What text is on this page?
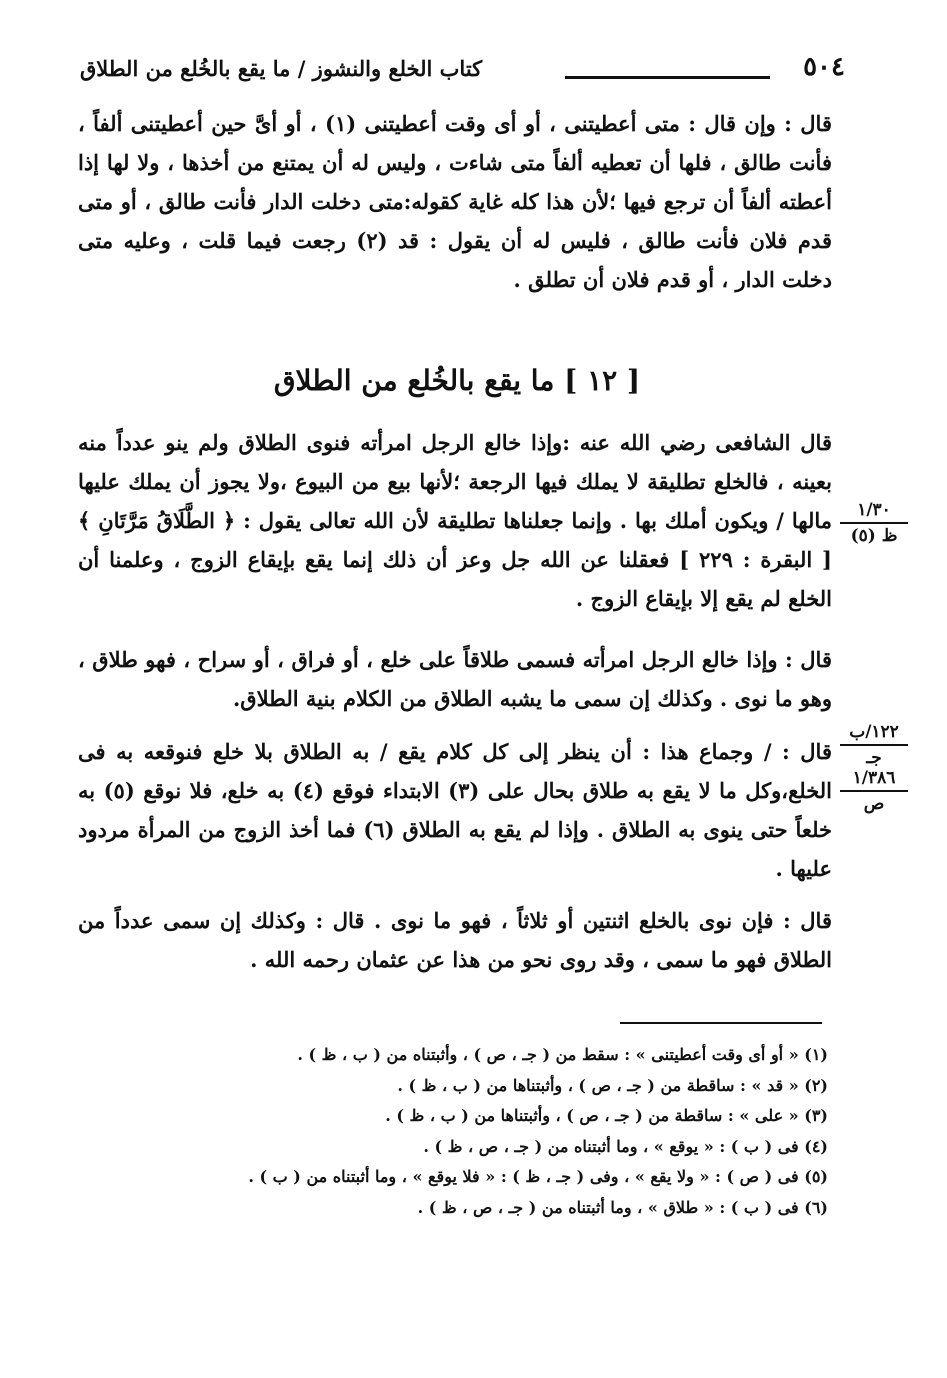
٥٠٤
كتاب الخلع والنشوز / ما يقع بالخُلع من الطلاق

قال : وإن قال : متى أعطيتنى ، أو أى وقت أعطيتنى (١) ، أو أىَّ حين أعطيتنى ألفاً ، فأنت طالق ، فلها أن تعطيه ألفاً متى شاءت ، وليس له أن يمتنع من أخذها ، ولا لها إذا أعطته ألفاً أن ترجع فيها ؛لأن هذا كله غاية كقوله:متى دخلت الدار فأنت طالق ، أو متى قدم فلان فأنت طالق ، فليس له أن يقول : قد (٢) رجعت فيما قلت ، وعليه متى دخلت الدار ، أو قدم فلان أن تطلق .

[ ١٢ ] ما يقع بالخُلع من الطلاق

قال الشافعى رضي الله عنه :وإذا خالع الرجل امرأته فنوى الطلاق ولم ينو عدداً منه بعينه ، فالخلع تطليقة لا يملك فيها الرجعة ؛لأنها بيع من البيوع ،ولا يجوز أن يملك عليها مالها / ويكون أملك بها . وإنما جعلناها تطليقة لأن الله تعالى يقول : ﴿ الطَّلَاقُ مَرَّتَانِ ﴾ [ البقرة : ٢٢٩ ] فعقلنا عن الله جل وعز أن ذلك إنما يقع بإيقاع الزوج ، وعلمنا أن الخلع لم يقع إلا بإيقاع الزوج .

قال : وإذا خالع الرجل امرأته فسمى طلاقاً على خلع ، أو فراق ، أو سراح ، فهو طلاق ، وهو ما نوى . وكذلك إن سمى ما يشبه الطلاق من الكلام بنية الطلاق.

قال : / وجماع هذا : أن ينظر إلى كل كلام يقع / به الطلاق بلا خلع فنوقعه به فى الخلع،وكل ما لا يقع به طلاق بحال على (٣) الابتداء فوقع (٤) به خلع، فلا نوقع (٥) به خلعاً حتى ينوى به الطلاق . وإذا لم يقع به الطلاق (٦) فما أخذ الزوج من المرأة مردود عليها .

قال : فإن نوى بالخلع اثنتين أو ثلاثاً ، فهو ما نوى . قال : وكذلك إن سمى عدداً من الطلاق فهو ما سمى ، وقد روى نحو من هذا عن عثمان رحمه الله .

١/٣٠
ظ (٥)
١٢٢/ب
جـ
١/٣٨٦
ص
(١) « أو أى وقت أعطيتنى » : سقط من ( جـ ، ص ) ، وأثبتناه من ( ب ، ظ ) .
(٢) « قد » : ساقطة من ( جـ ، ص ) ، وأثبتناها من ( ب ، ظ ) .
(٣) « على » : ساقطة من ( جـ ، ص ) ، وأثبتناها من ( ب ، ظ ) .
(٤) فى ( ب ) : « يوقع » ، وما أثبتناه من ( جـ ، ص ، ظ ) .
(٥) فى ( ص ) : « ولا يقع » ، وفى ( جـ ، ظ ) : « فلا يوقع » ، وما أثبتناه من ( ب ) .
(٦) فى ( ب ) : « طلاق » ، وما أثبتناه من ( جـ ، ص ، ظ ) .
